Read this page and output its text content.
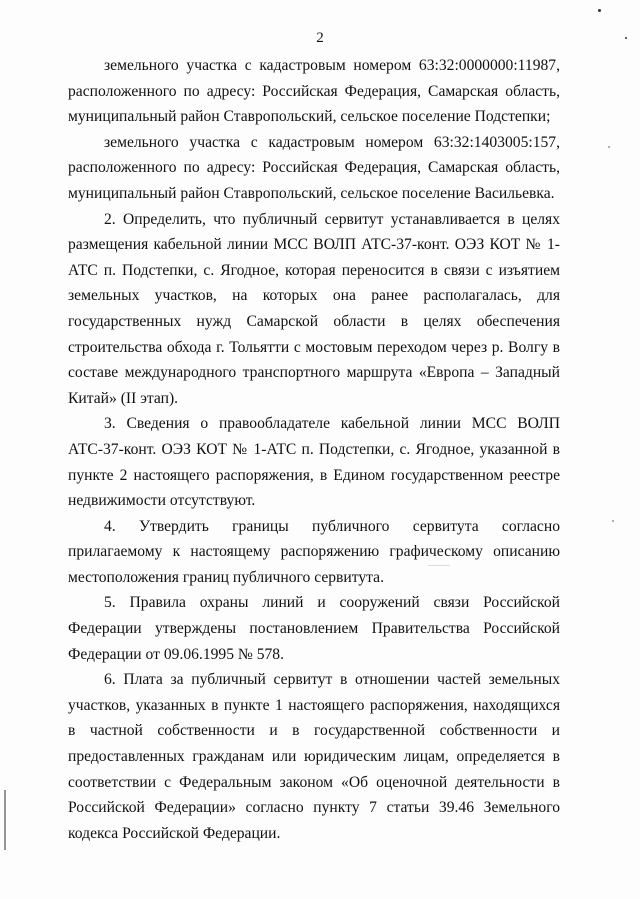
2

земельного участка с кадастровым номером 63:32:0000000:11987, расположенного по адресу: Российская Федерация, Самарская область, муниципальный район Ставропольский, сельское поселение Подстепки;

земельного участка с кадастровым номером 63:32:1403005:157, расположенного по адресу: Российская Федерация, Самарская область, муниципальный район Ставропольский, сельское поселение Васильевка.

2. Определить, что публичный сервитут устанавливается в целях размещения кабельной линии МСС ВОЛП АТС-37-конт. ОЭЗ КОТ № 1-АТС п. Подстепки, с. Ягодное, которая переносится в связи с изъятием земельных участков, на которых она ранее располагалась, для государственных нужд Самарской области в целях обеспечения строительства обхода г. Тольятти с мостовым переходом через р. Волгу в составе международного транспортного маршрута «Европа – Западный Китай» (II этап).

3. Сведения о правообладателе кабельной линии МСС ВОЛП АТС-37-конт. ОЭЗ КОТ № 1-АТС п. Подстепки, с. Ягодное, указанной в пункте 2 настоящего распоряжения, в Едином государственном реестре недвижимости отсутствуют.

4. Утвердить границы публичного сервитута согласно прилагаемому к настоящему распоряжению графическому описанию местоположения границ публичного сервитута.

5. Правила охраны линий и сооружений связи Российской Федерации утверждены постановлением Правительства Российской Федерации от 09.06.1995 № 578.

6. Плата за публичный сервитут в отношении частей земельных участков, указанных в пункте 1 настоящего распоряжения, находящихся в частной собственности и в государственной собственности и предоставленных гражданам или юридическим лицам, определяется в соответствии с Федеральным законом «Об оценочной деятельности в Российской Федерации» согласно пункту 7 статьи 39.46 Земельного кодекса Российской Федерации.
